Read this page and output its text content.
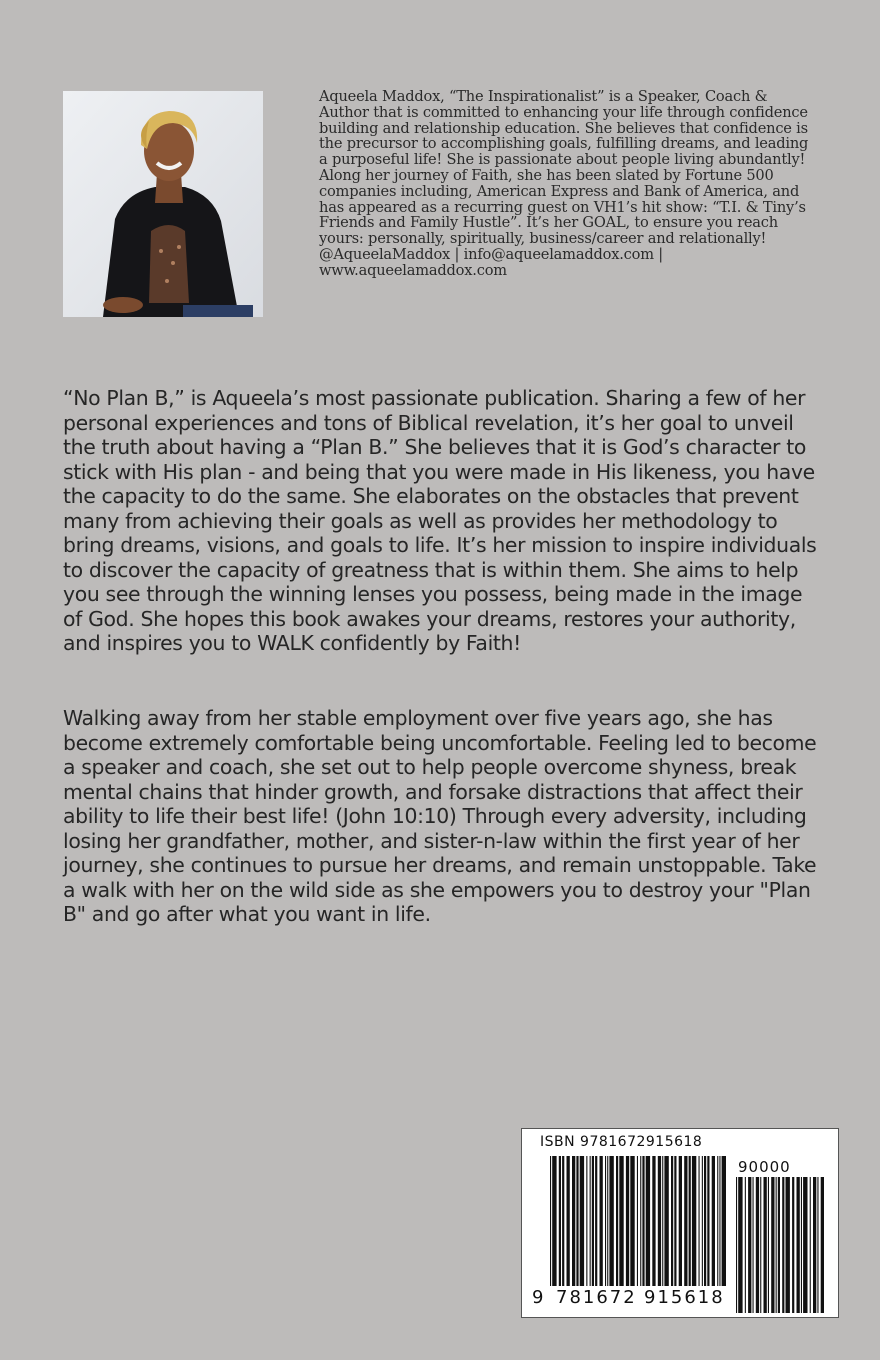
Aqueela Maddox, “The Inspirationalist” is a Speaker, Coach & Author that is committed to enhancing your life through confidence building and relationship education. She believes that confidence is the precursor to accomplishing goals, fulfilling dreams, and leading a purposeful life! She is passionate about people living abundantly! Along her journey of Faith, she has been slated by Fortune 500 companies including, American Express and Bank of America, and has appeared as a recurring guest on VH1’s hit show: “T.I. & Tiny’s Friends and Family Hustle”. It’s her GOAL, to ensure you reach yours: personally, spiritually, business/career and relationally!

@AqueelaMaddox | info@aqueelamaddox.com | www.aqueelamaddox.com

“No Plan B,” is Aqueela’s most passionate publication. Sharing a few of her personal experiences and tons of Biblical revelation, it’s her goal to unveil the truth about having a “Plan B.” She believes that it is God’s character to stick with His plan - and being that you were made in His likeness, you have the capacity to do the same. She elaborates on the obstacles that prevent many from achieving their goals as well as provides her methodology to bring dreams, visions, and goals to life. It’s her mission to inspire individuals to discover the capacity of greatness that is within them. She aims to help you see through the winning lenses you possess, being made in the image of God. She hopes this book awakes your dreams, restores your authority, and inspires you to WALK confidently by Faith!

Walking away from her stable employment over five years ago, she has become extremely comfortable being uncomfortable. Feeling led to become a speaker and coach, she set out to help people overcome shyness, break mental chains that hinder growth, and forsake distractions that affect their ability to life their best life! (John 10:10) Through every adversity, including losing her grandfather, mother, and sister-n-law within the first year of her journey, she continues to pursue her dreams, and remain unstoppable. Take a walk with her on the wild side as she empowers you to destroy your "Plan B" and go after what you want in life.

ISBN 9781672915618
90000
9 781672 915618
